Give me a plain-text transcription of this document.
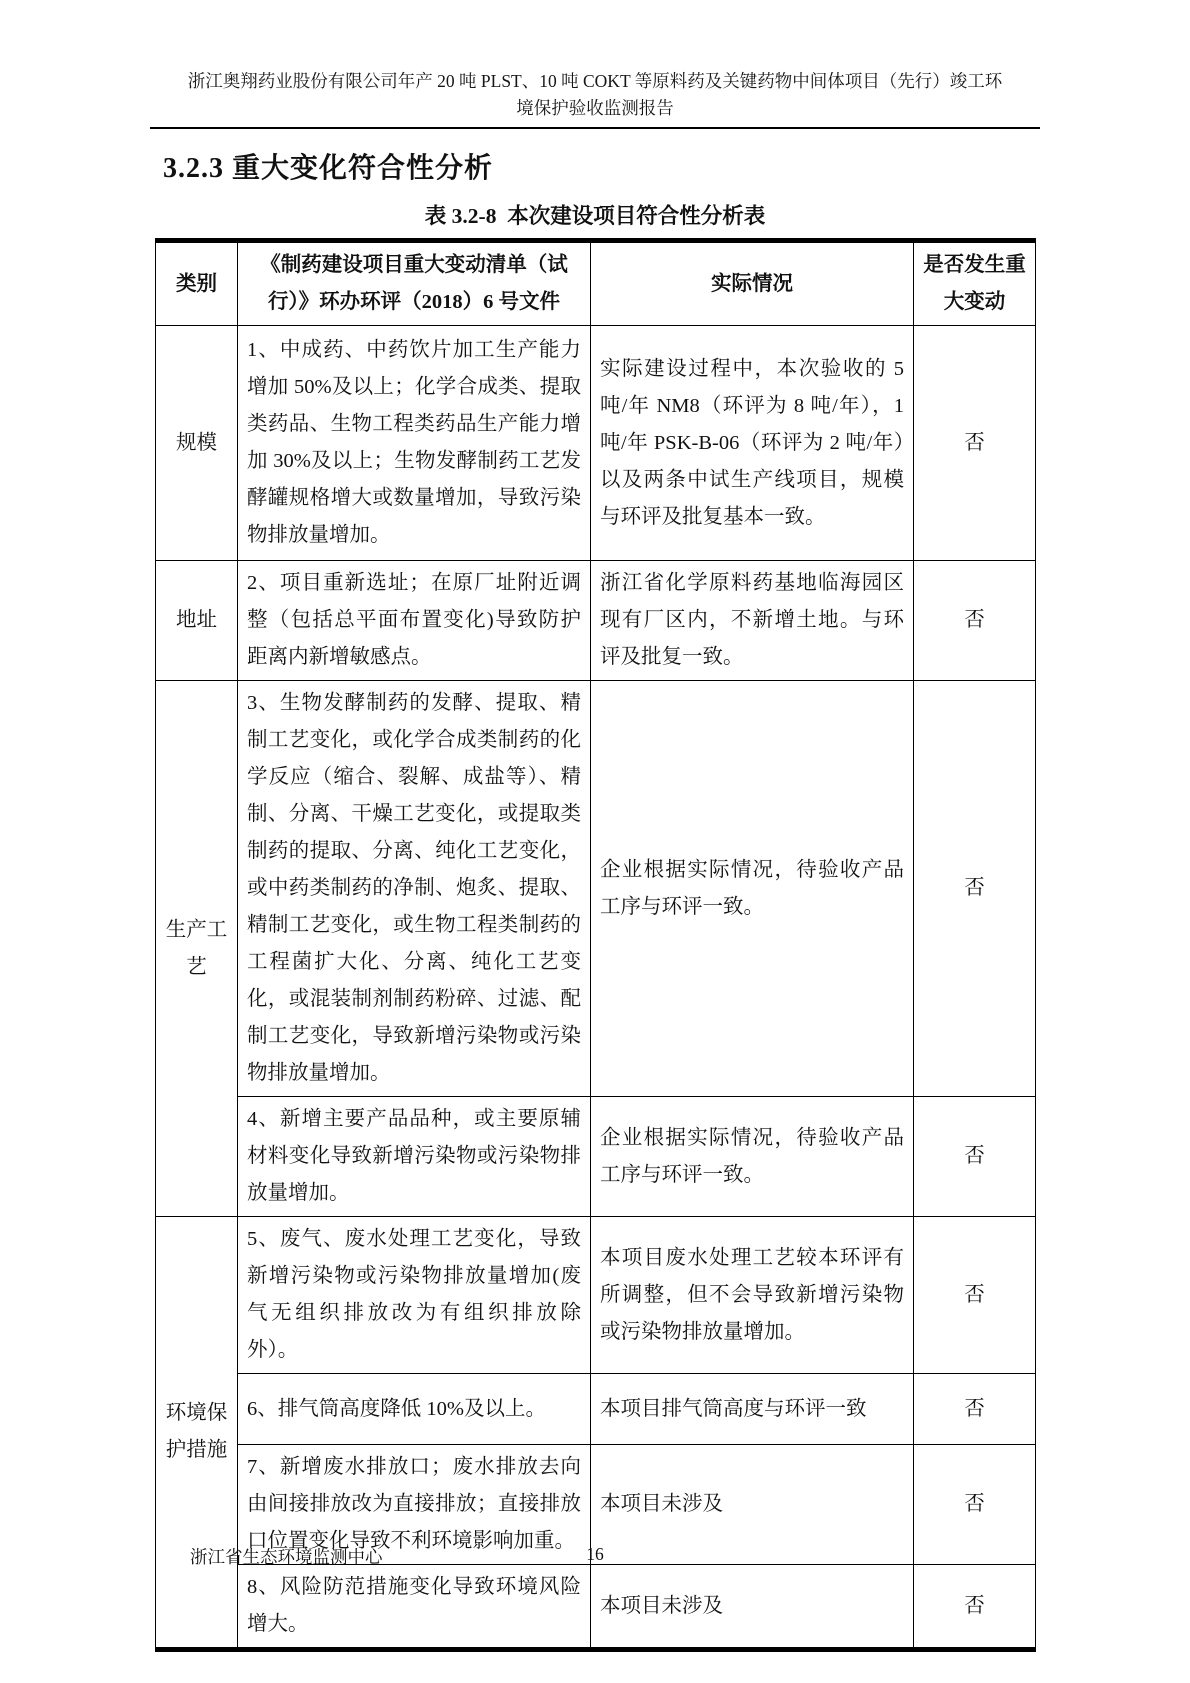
浙江奥翔药业股份有限公司年产 20 吨 PLST、10 吨 COKT 等原料药及关键药物中间体项目（先行）竣工环
境保护验收监测报告
3.2.3 重大变化符合性分析
表 3.2-8  本次建设项目符合性分析表
类别	《制药建设项目重大变动清单（试行）》环办环评（2018）6 号文件	实际情况	是否发生重大变动
规模	1、中成药、中药饮片加工生产能力增加 50%及以上；化学合成类、提取类药品、生物工程类药品生产能力增加 30%及以上；生物发酵制药工艺发酵罐规格增大或数量增加，导致污染物排放量增加。	实际建设过程中，本次验收的 5 吨/年 NM8（环评为 8 吨/年），1 吨/年 PSK-B-06（环评为 2 吨/年）以及两条中试生产线项目，规模与环评及批复基本一致。	否
地址	2、项目重新选址；在原厂址附近调整（包括总平面布置变化)导致防护距离内新增敏感点。	浙江省化学原料药基地临海园区现有厂区内，不新增土地。与环评及批复一致。	否
生产工艺	3、生物发酵制药的发酵、提取、精制工艺变化，或化学合成类制药的化学反应（缩合、裂解、成盐等）、精制、分离、干燥工艺变化，或提取类制药的提取、分离、纯化工艺变化，或中药类制药的净制、炮炙、提取、精制工艺变化，或生物工程类制药的工程菌扩大化、分离、纯化工艺变化，或混装制剂制药粉碎、过滤、配制工艺变化，导致新增污染物或污染物排放量增加。	企业根据实际情况，待验收产品工序与环评一致。	否
	4、新增主要产品品种，或主要原辅材料变化导致新增污染物或污染物排放量增加。	企业根据实际情况，待验收产品工序与环评一致。	否
环境保护措施	5、废气、废水处理工艺变化，导致新增污染物或污染物排放量增加(废气无组织排放改为有组织排放除外）。	本项目废水处理工艺较本环评有所调整，但不会导致新增污染物或污染物排放量增加。	否
	6、排气筒高度降低 10%及以上。	本项目排气筒高度与环评一致	否
	7、新增废水排放口；废水排放去向由间接排放改为直接排放；直接排放口位置变化导致不利环境影响加重。	本项目未涉及	否
	8、风险防范措施变化导致环境风险增大。	本项目未涉及	否
浙江省生态环境监测中心	16
